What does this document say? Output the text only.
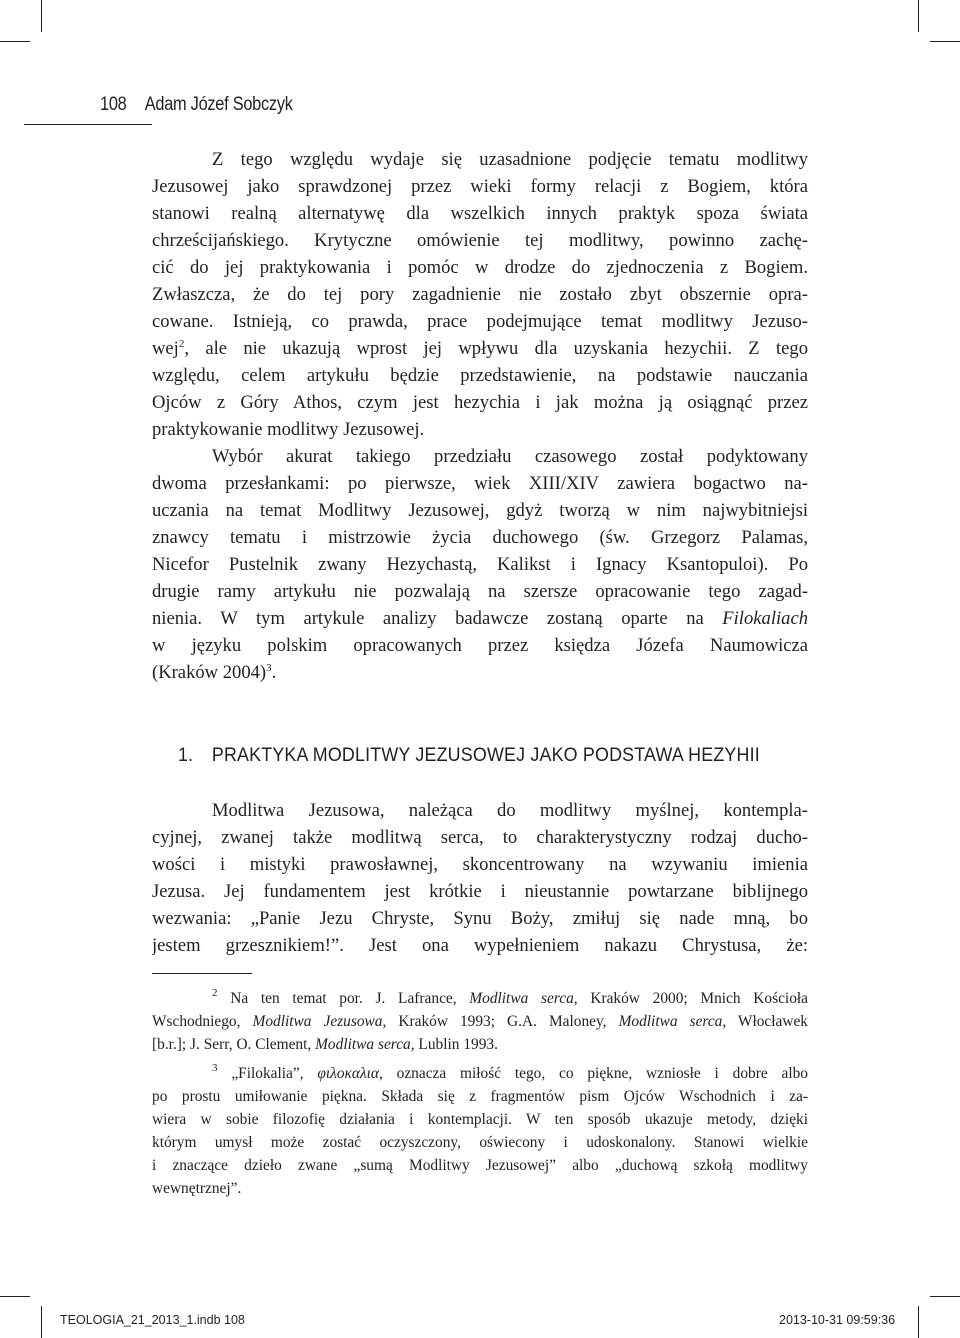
108 Adam Józef Sobczyk
Z tego względu wydaje się uzasadnione podjęcie tematu modlitwy
Jezusowej jako sprawdzonej przez wieki formy relacji z Bogiem, która
stanowi realną alternatywę dla wszelkich innych praktyk spoza świata
chrześcijańskiego. Krytyczne omówienie tej modlitwy, powinno zachę-
cić do jej praktykowania i pomóc w drodze do zjednoczenia z Bogiem.
Zwłaszcza, że do tej pory zagadnienie nie zostało zbyt obszernie opra-
cowane. Istnieją, co prawda, prace podejmujące temat modlitwy Jezuso-
wej$^2$, ale nie ukazują wprost jej wpływu dla uzyskania hezychii. Z tego
względu, celem artykułu będzie przedstawienie, na podstawie nauczania
Ojców z Góry Athos, czym jest hezychia i jak można ją osiągnąć przez
praktykowanie modlitwy Jezusowej.
Wybór akurat takiego przedziału czasowego został podyktowany
dwoma przesłankami: po pierwsze, wiek XIII/XIV zawiera bogactwo na-
uczania na temat Modlitwy Jezusowej, gdyż tworzą w nim najwybitniejsi
znawcy tematu i mistrzowie życia duchowego (św. Grzegorz Palamas,
Nicefor Pustelnik zwany Hezychastą, Kalikst i Ignacy Ksantopuloi). Po
drugie ramy artykułu nie pozwalają na szersze opracowanie tego zagad-
nienia. W tym artykule analizy badawcze zostaną oparte na Filokaliach
w języku polskim opracowanych przez księdza Józefa Naumowicza
(Kraków 2004)$^3$.
1. PRAKTYKA MODLITWY JEZUSOWEJ JAKO PODSTAWA HEZYHII
Modlitwa Jezusowa, należąca do modlitwy myślnej, kontempla-
cyjnej, zwanej także modlitwą serca, to charakterystyczny rodzaj ducho-
wości i mistyki prawosławnej, skoncentrowany na wzywaniu imienia
Jezusa. Jej fundamentem jest krótkie i nieustannie powtarzane biblijnego
wezwania: „Panie Jezu Chryste, Synu Boży, zmiłuj się nade mną, bo
jestem grzesznikiem!”. Jest ona wypełnieniem nakazu Chrystusa, że:
$^2$ Na ten temat por. J. Lafrance, Modlitwa serca, Kraków 2000; Mnich Kościoła
Wschodniego, Modlitwa Jezusowa, Kraków 1993; G.A. Maloney, Modlitwa serca, Włocławek
[b.r.]; J. Serr, O. Clement, Modlitwa serca, Lublin 1993.
$^3$ „Filokalia”, φιλοκαλια, oznacza miłość tego, co piękne, wzniosłe i dobre albo
po prostu umiłowanie piękna. Składa się z fragmentów pism Ojców Wschodnich i za-
wiera w sobie filozofię działania i kontemplacji. W ten sposób ukazuje metody, dzięki
którym umysł może zostać oczyszczony, oświecony i udoskonalony. Stanowi wielkie
i znaczące dzieło zwane „sumą Modlitwy Jezusowej” albo „duchową szkołą modlitwy
wewnętrznej”.
TEOLOGIA_21_2013_1.indb 108	2013-10-31 09:59:36
